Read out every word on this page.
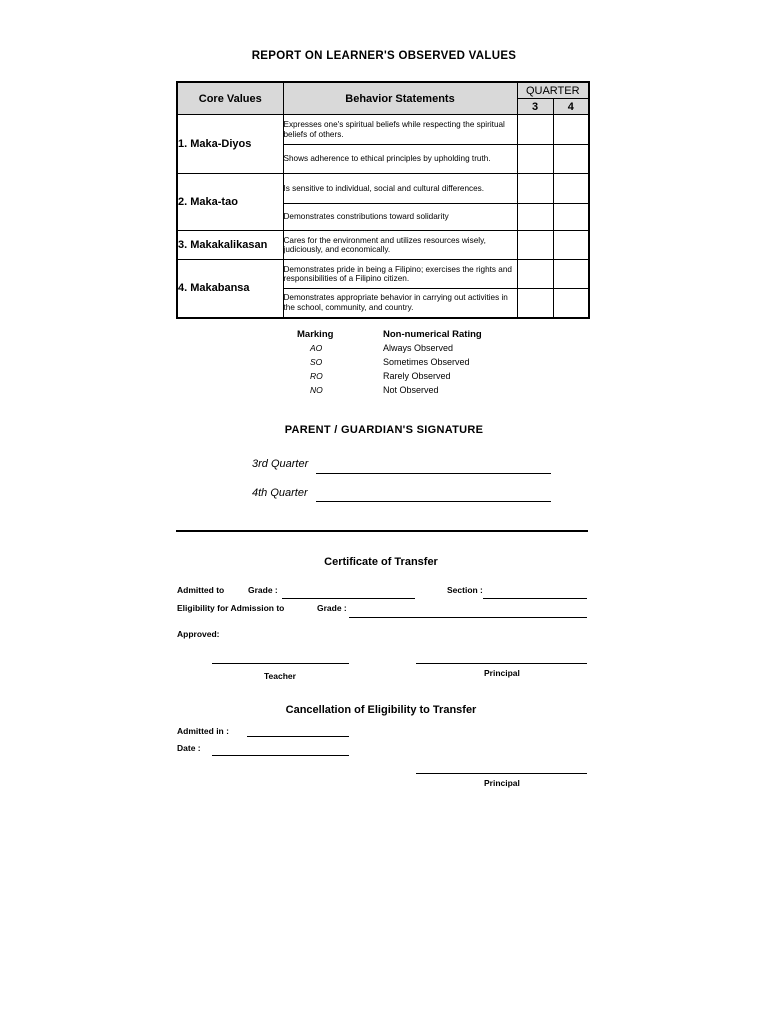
REPORT ON LEARNER'S OBSERVED VALUES
Core Values	Behavior Statements	QUARTER	
		3	4
1. Maka-Diyos	Expresses one's spiritual beliefs while respecting the spiritual beliefs of others.		
	Shows adherence to ethical principles by upholding truth.		
2. Maka-tao	Is sensitive to individual, social and cultural differences.		
	Demonstrates constributions toward solidarity		
3. Makakalikasan	Cares for the environment and utilizes resources wisely, judiciously, and economically.		
4. Makabansa	Demonstrates pride in being a Filipino; exercises the rights and responsibilities of a Filipino citizen.		
	Demonstrates appropriate behavior in carrying out activities in the school, community, and country.		
Marking	Non-numerical Rating
AO	Always Observed
SO	Sometimes Observed
RO	Rarely Observed
NO	Not Observed
PARENT / GUARDIAN'S SIGNATURE
3rd Quarter
4th Quarter
Certificate of Transfer
Admitted to	Grade :	Section :
Eligibility for Admission to	Grade :
Approved:
Teacher	Principal
Cancellation of Eligibility to Transfer
Admitted in :
Date :
Principal
